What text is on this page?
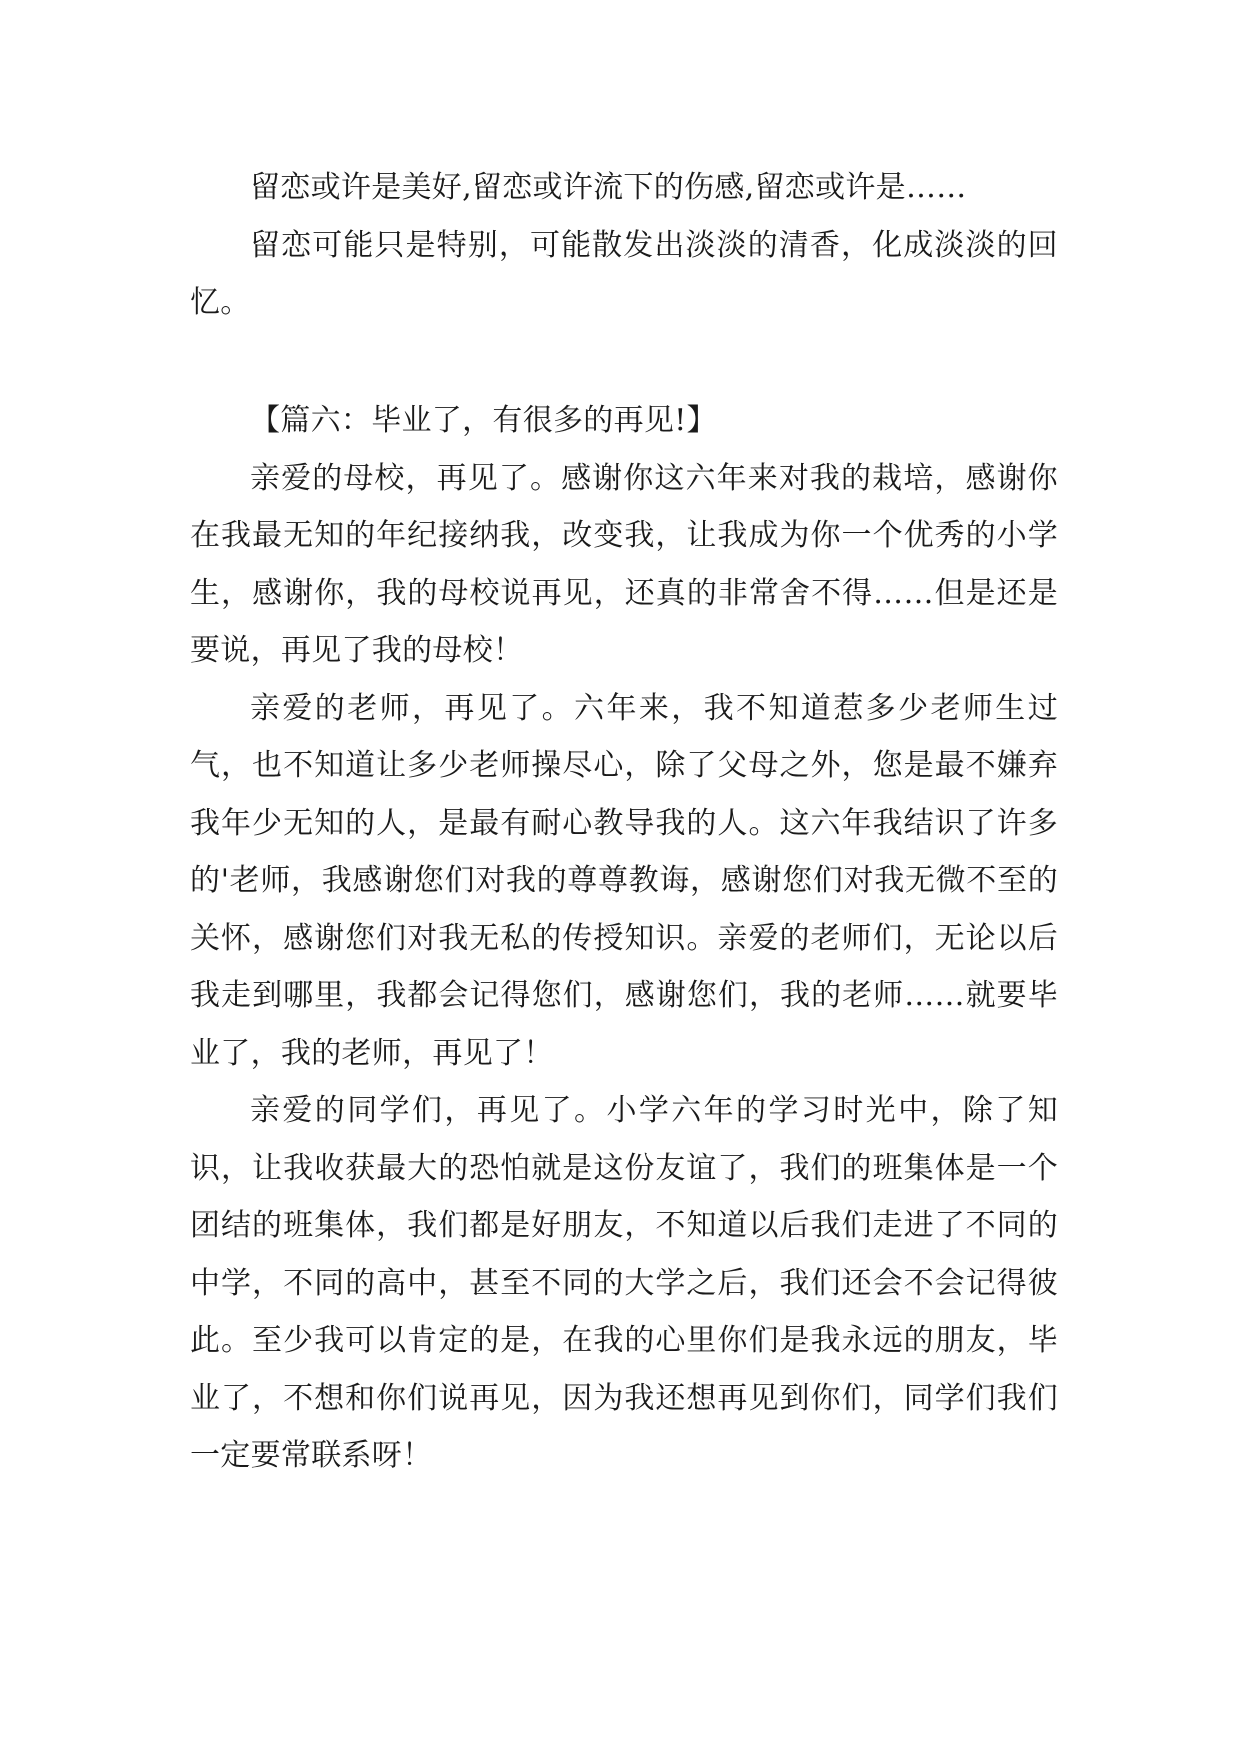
留恋或许是美好,留恋或许流下的伤感,留恋或许是……

留恋可能只是特别，可能散发出淡淡的清香，化成淡淡的回忆。

【篇六：毕业了，有很多的再见!】

亲爱的母校，再见了。感谢你这六年来对我的栽培，感谢你在我最无知的年纪接纳我，改变我，让我成为你一个优秀的小学生，感谢你，我的母校说再见，还真的非常舍不得……但是还是要说，再见了我的母校！

亲爱的老师，再见了。六年来，我不知道惹多少老师生过气，也不知道让多少老师操尽心，除了父母之外，您是最不嫌弃我年少无知的人，是最有耐心教导我的人。这六年我结识了许多的'老师，我感谢您们对我的尊尊教诲，感谢您们对我无微不至的关怀，感谢您们对我无私的传授知识。亲爱的老师们，无论以后我走到哪里，我都会记得您们，感谢您们，我的老师……就要毕业了，我的老师，再见了！

亲爱的同学们，再见了。小学六年的学习时光中，除了知识，让我收获最大的恐怕就是这份友谊了，我们的班集体是一个团结的班集体，我们都是好朋友，不知道以后我们走进了不同的中学，不同的高中，甚至不同的大学之后，我们还会不会记得彼此。至少我可以肯定的是，在我的心里你们是我永远的朋友，毕业了，不想和你们说再见，因为我还想再见到你们，同学们我们一定要常联系呀！
